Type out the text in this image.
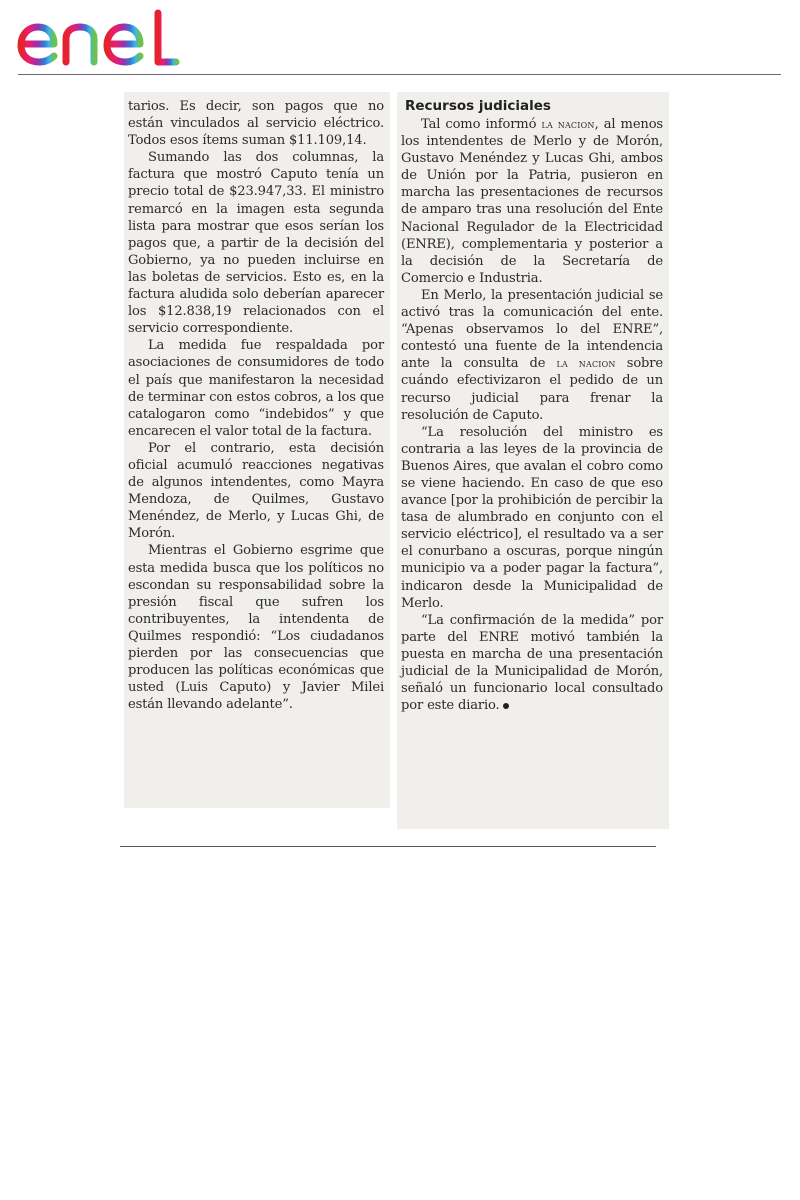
tarios. Es decir, son pagos que no están vinculados al servicio eléctrico. Todos esos ítems suman $11.109,14.

Sumando las dos columnas, la factura que mostró Caputo tenía un precio total de $23.947,33. El ministro remarcó en la imagen esta segunda lista para mostrar que esos serían los pagos que, a partir de la decisión del Gobierno, ya no pueden incluirse en las boletas de servicios. Esto es, en la factura aludida solo deberían aparecer los $12.838,19 relacionados con el servicio correspondiente.

La medida fue respaldada por asociaciones de consumidores de todo el país que manifestaron la necesidad de terminar con estos cobros, a los que catalogaron como “indebidos” y que encarecen el valor total de la factura.

Por el contrario, esta decisión oficial acumuló reacciones negativas de algunos intendentes, como Mayra Mendoza, de Quilmes, Gustavo Menéndez, de Merlo, y Lucas Ghi, de Morón.

Mientras el Gobierno esgrime que esta medida busca que los políticos no escondan su responsabilidad sobre la presión fiscal que sufren los contribuyentes, la intendenta de Quilmes respondió: “Los ciudadanos pierden por las consecuencias que producen las políticas económicas que usted (Luis Caputo) y Javier Milei están llevando adelante”.

Recursos judiciales

Tal como informó la nacion, al menos los intendentes de Merlo y de Morón, Gustavo Menéndez y Lucas Ghi, ambos de Unión por la Patria, pusieron en marcha las presentaciones de recursos de amparo tras una resolución del Ente Nacional Regulador de la Electricidad (ENRE), complementaria y posterior a la decisión de la Secretaría de Comercio e Industria.

En Merlo, la presentación judicial se activó tras la comunicación del ente. “Apenas observamos lo del ENRE”, contestó una fuente de la intendencia ante la consulta de la nacion sobre cuándo efectivizaron el pedido de un recurso judicial para frenar la resolución de Caputo.

“La resolución del ministro es contraria a las leyes de la provincia de Buenos Aires, que avalan el cobro como se viene haciendo. En caso de que eso avance [por la prohibición de percibir la tasa de alumbrado en conjunto con el servicio eléctrico], el resultado va a ser el conurbano a oscuras, porque ningún municipio va a poder pagar la factura”, indicaron desde la Municipalidad de Merlo.

“La confirmación de la medida” por parte del ENRE motivó también la puesta en marcha de una presentación judicial de la Municipalidad de Morón, señaló un funcionario local consultado por este diario.
